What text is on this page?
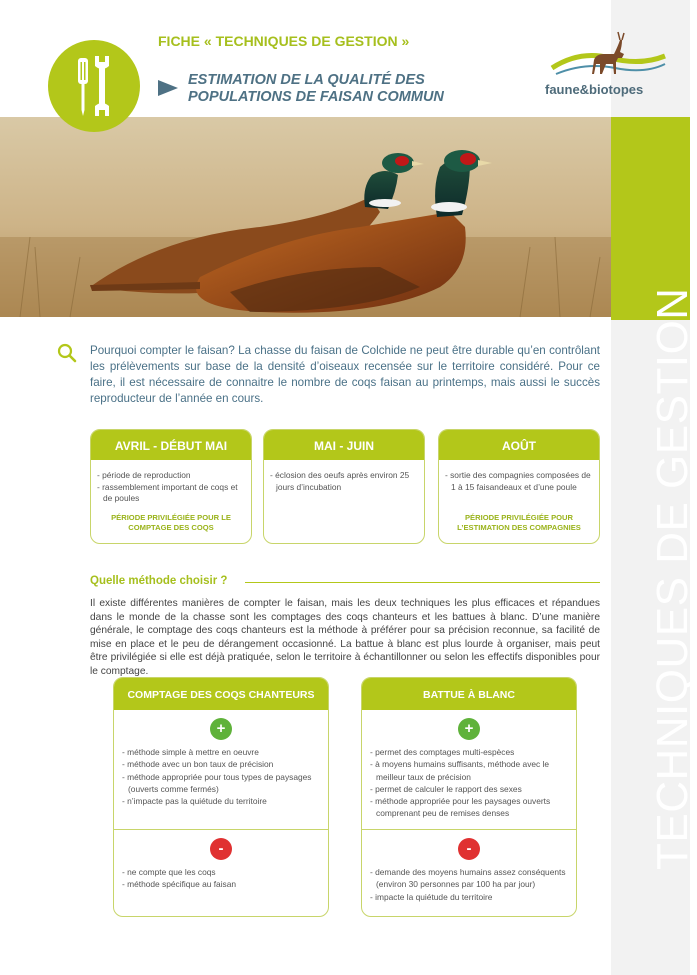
TECHNIQUES DE GESTION
FICHE « TECHNIQUES DE GESTION »
ESTIMATION DE LA QUALITÉ DES POPULATIONS DE FAISAN COMMUN	faune&biotopes
Pourquoi compter le faisan? La chasse du faisan de Colchide ne peut être durable qu’en contrôlant les prélèvements sur base de la densité d’oiseaux recensée sur le territoire considéré. Pour ce faire, il est nécessaire de connaitre le nombre de coqs faisan au printemps, mais aussi le succès reproducteur de l’année en cours.
AVRIL - DÉBUT MAI
- période de reproduction
- rassemblement important de coqs et de poules
PÉRIODE PRIVILÉGIÉE POUR LE COMPTAGE DES COQS
MAI - JUIN
- éclosion des oeufs après environ 25 jours d’incubation
AOÛT
- sortie des compagnies composées de 1 à 15 faisandeaux et d’une poule
PÉRIODE PRIVILÉGIÉE POUR L’ESTIMATION DES COMPAGNIES
Quelle méthode choisir ?
Il existe différentes manières de compter le faisan, mais les deux techniques les plus efficaces et répandues dans le monde de la chasse sont les comptages des coqs chanteurs et les battues à blanc. D’une manière générale, le comptage des coqs chanteurs est la méthode à préférer pour sa précision reconnue, sa facilité de mise en place et le peu de dérangement occasionné. La battue à blanc est plus lourde à organiser, mais peut être privilégiée si elle est déjà pratiquée, selon le territoire à échantillonner ou selon les effectifs disponibles pour le comptage.
COMPTAGE DES COQS CHANTEURS
+
- méthode simple à mettre en oeuvre
- méthode avec un bon taux de précision
- méthode appropriée pour tous types de paysages (ouverts comme fermés)
- n’impacte pas la quiétude du territoire
-
- ne compte que les coqs
- méthode spécifique au faisan
BATTUE À BLANC
+
- permet des comptages multi-espèces
- à moyens humains suffisants, méthode avec le meilleur taux de précision
- permet de calculer le rapport des sexes
- méthode appropriée pour les paysages ouverts comprenant peu de remises denses
-
- demande des moyens humains assez conséquents (environ 30 personnes par 100 ha par jour)
- impacte la quiétude du territoire
